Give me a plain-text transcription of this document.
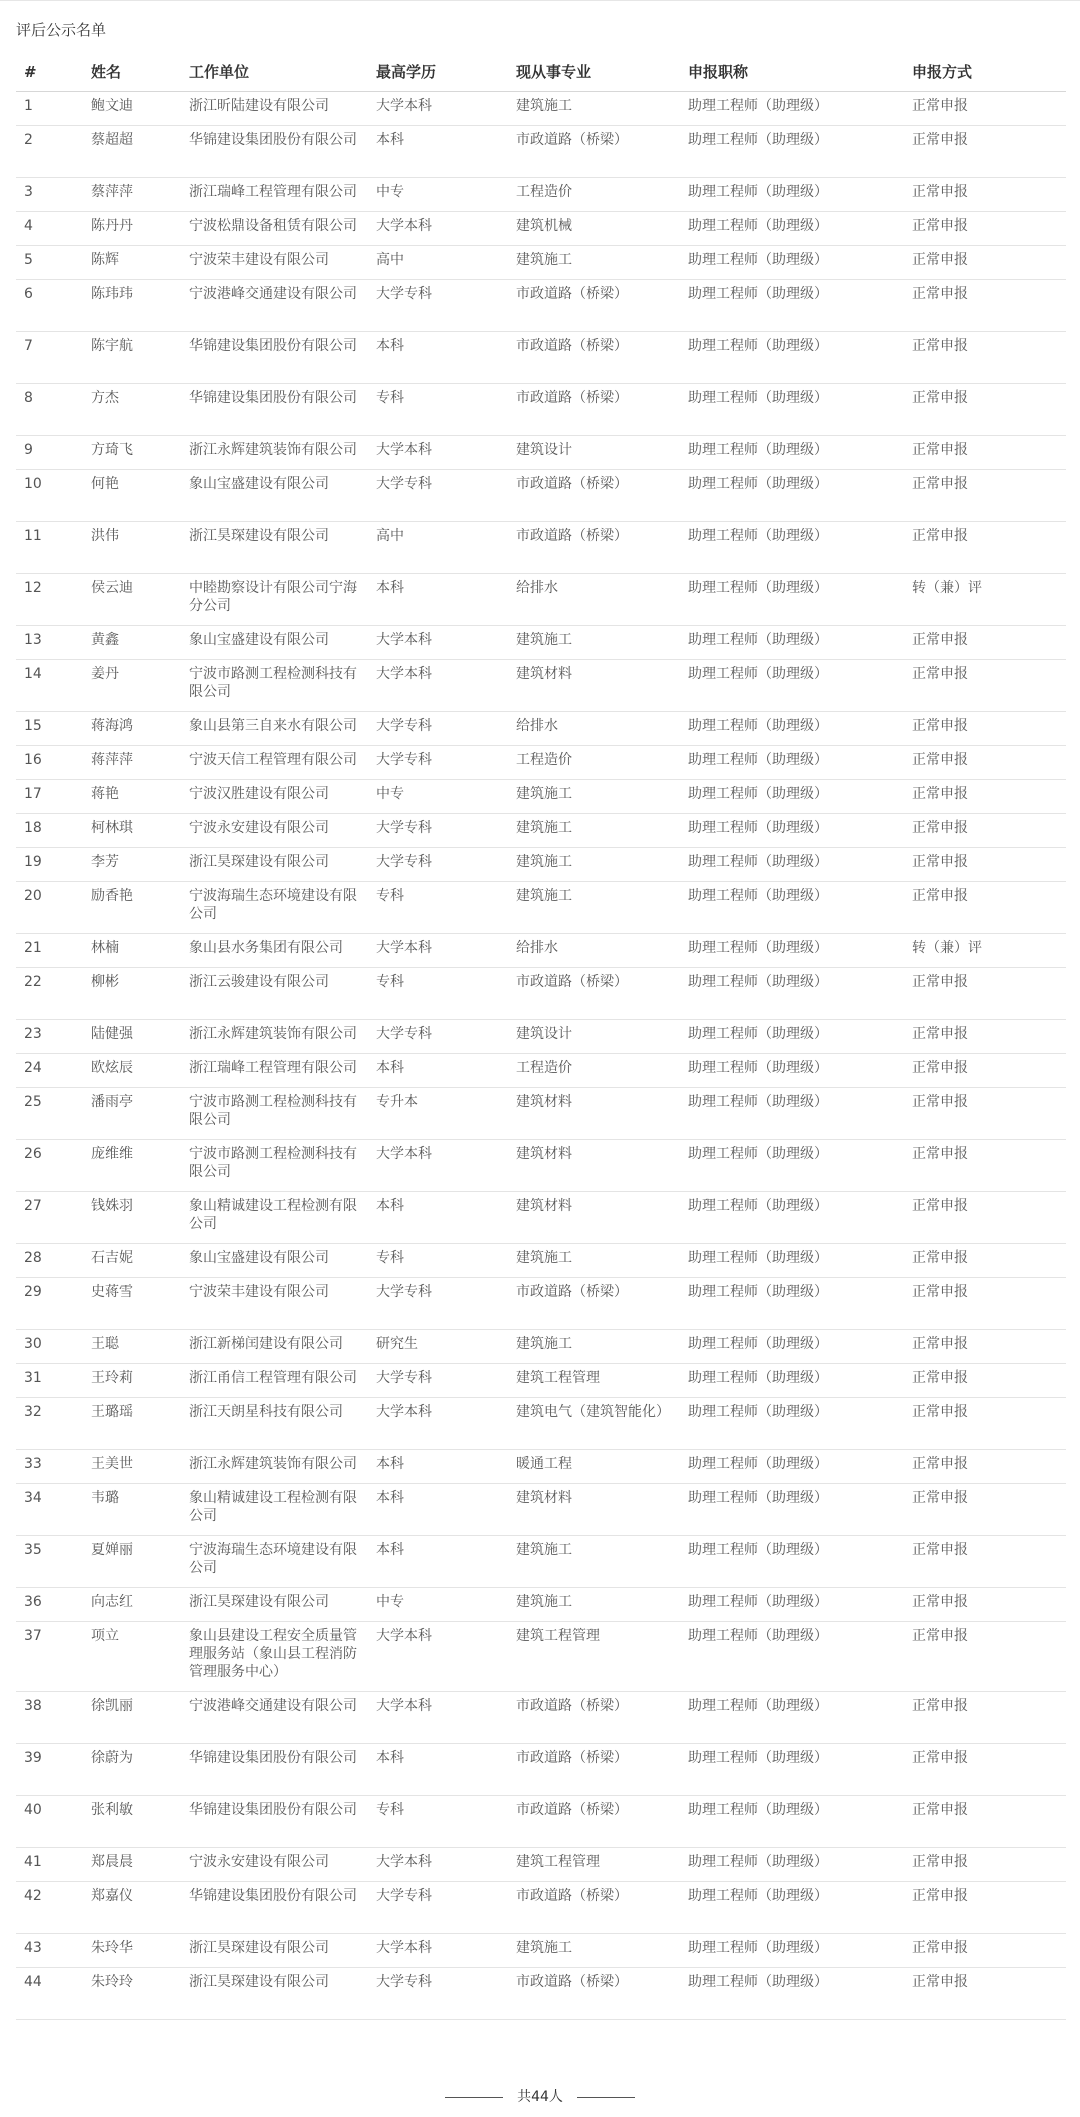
评后公示名单
#	姓名	工作单位	最高学历	现从事专业	申报职称	申报方式
1	鲍文迪	浙江昕陆建设有限公司	大学本科	建筑施工	助理工程师（助理级）	正常申报
2	蔡超超	华锦建设集团股份有限公司	本科	市政道路（桥梁）	助理工程师（助理级）	正常申报
3	蔡萍萍	浙江瑞峰工程管理有限公司	中专	工程造价	助理工程师（助理级）	正常申报
4	陈丹丹	宁波松鼎设备租赁有限公司	大学本科	建筑机械	助理工程师（助理级）	正常申报
5	陈辉	宁波荣丰建设有限公司	高中	建筑施工	助理工程师（助理级）	正常申报
6	陈玮玮	宁波港峰交通建设有限公司	大学专科	市政道路（桥梁）	助理工程师（助理级）	正常申报
7	陈宇航	华锦建设集团股份有限公司	本科	市政道路（桥梁）	助理工程师（助理级）	正常申报
8	方杰	华锦建设集团股份有限公司	专科	市政道路（桥梁）	助理工程师（助理级）	正常申报
9	方琦飞	浙江永辉建筑装饰有限公司	大学本科	建筑设计	助理工程师（助理级）	正常申报
10	何艳	象山宝盛建设有限公司	大学专科	市政道路（桥梁）	助理工程师（助理级）	正常申报
11	洪伟	浙江昊琛建设有限公司	高中	市政道路（桥梁）	助理工程师（助理级）	正常申报
12	侯云迪	中睦勘察设计有限公司宁海分公司	本科	给排水	助理工程师（助理级）	转（兼）评
13	黄鑫	象山宝盛建设有限公司	大学本科	建筑施工	助理工程师（助理级）	正常申报
14	姜丹	宁波市路测工程检测科技有限公司	大学本科	建筑材料	助理工程师（助理级）	正常申报
15	蒋海鸿	象山县第三自来水有限公司	大学专科	给排水	助理工程师（助理级）	正常申报
16	蒋萍萍	宁波天信工程管理有限公司	大学专科	工程造价	助理工程师（助理级）	正常申报
17	蒋艳	宁波汉胜建设有限公司	中专	建筑施工	助理工程师（助理级）	正常申报
18	柯林琪	宁波永安建设有限公司	大学专科	建筑施工	助理工程师（助理级）	正常申报
19	李芳	浙江昊琛建设有限公司	大学专科	建筑施工	助理工程师（助理级）	正常申报
20	励香艳	宁波海瑞生态环境建设有限公司	专科	建筑施工	助理工程师（助理级）	正常申报
21	林楠	象山县水务集团有限公司	大学本科	给排水	助理工程师（助理级）	转（兼）评
22	柳彬	浙江云骏建设有限公司	专科	市政道路（桥梁）	助理工程师（助理级）	正常申报
23	陆健强	浙江永辉建筑装饰有限公司	大学专科	建筑设计	助理工程师（助理级）	正常申报
24	欧炫辰	浙江瑞峰工程管理有限公司	本科	工程造价	助理工程师（助理级）	正常申报
25	潘雨亭	宁波市路测工程检测科技有限公司	专升本	建筑材料	助理工程师（助理级）	正常申报
26	庞维维	宁波市路测工程检测科技有限公司	大学本科	建筑材料	助理工程师（助理级）	正常申报
27	钱姝羽	象山精诚建设工程检测有限公司	本科	建筑材料	助理工程师（助理级）	正常申报
28	石吉妮	象山宝盛建设有限公司	专科	建筑施工	助理工程师（助理级）	正常申报
29	史蒋雪	宁波荣丰建设有限公司	大学专科	市政道路（桥梁）	助理工程师（助理级）	正常申报
30	王聪	浙江新梯闰建设有限公司	研究生	建筑施工	助理工程师（助理级）	正常申报
31	王玲莉	浙江甬信工程管理有限公司	大学专科	建筑工程管理	助理工程师（助理级）	正常申报
32	王璐瑶	浙江天朗星科技有限公司	大学本科	建筑电气（建筑智能化）	助理工程师（助理级）	正常申报
33	王美世	浙江永辉建筑装饰有限公司	本科	暖通工程	助理工程师（助理级）	正常申报
34	韦璐	象山精诚建设工程检测有限公司	本科	建筑材料	助理工程师（助理级）	正常申报
35	夏婵丽	宁波海瑞生态环境建设有限公司	本科	建筑施工	助理工程师（助理级）	正常申报
36	向志红	浙江昊琛建设有限公司	中专	建筑施工	助理工程师（助理级）	正常申报
37	项立	象山县建设工程安全质量管理服务站（象山县工程消防管理服务中心）	大学本科	建筑工程管理	助理工程师（助理级）	正常申报
38	徐凯丽	宁波港峰交通建设有限公司	大学本科	市政道路（桥梁）	助理工程师（助理级）	正常申报
39	徐蔚为	华锦建设集团股份有限公司	本科	市政道路（桥梁）	助理工程师（助理级）	正常申报
40	张利敏	华锦建设集团股份有限公司	专科	市政道路（桥梁）	助理工程师（助理级）	正常申报
41	郑晨晨	宁波永安建设有限公司	大学本科	建筑工程管理	助理工程师（助理级）	正常申报
42	郑嘉仪	华锦建设集团股份有限公司	大学专科	市政道路（桥梁）	助理工程师（助理级）	正常申报
43	朱玲华	浙江昊琛建设有限公司	大学本科	建筑施工	助理工程师（助理级）	正常申报
44	朱玲玲	浙江昊琛建设有限公司	大学专科	市政道路（桥梁）	助理工程师（助理级）	正常申报
共44人
